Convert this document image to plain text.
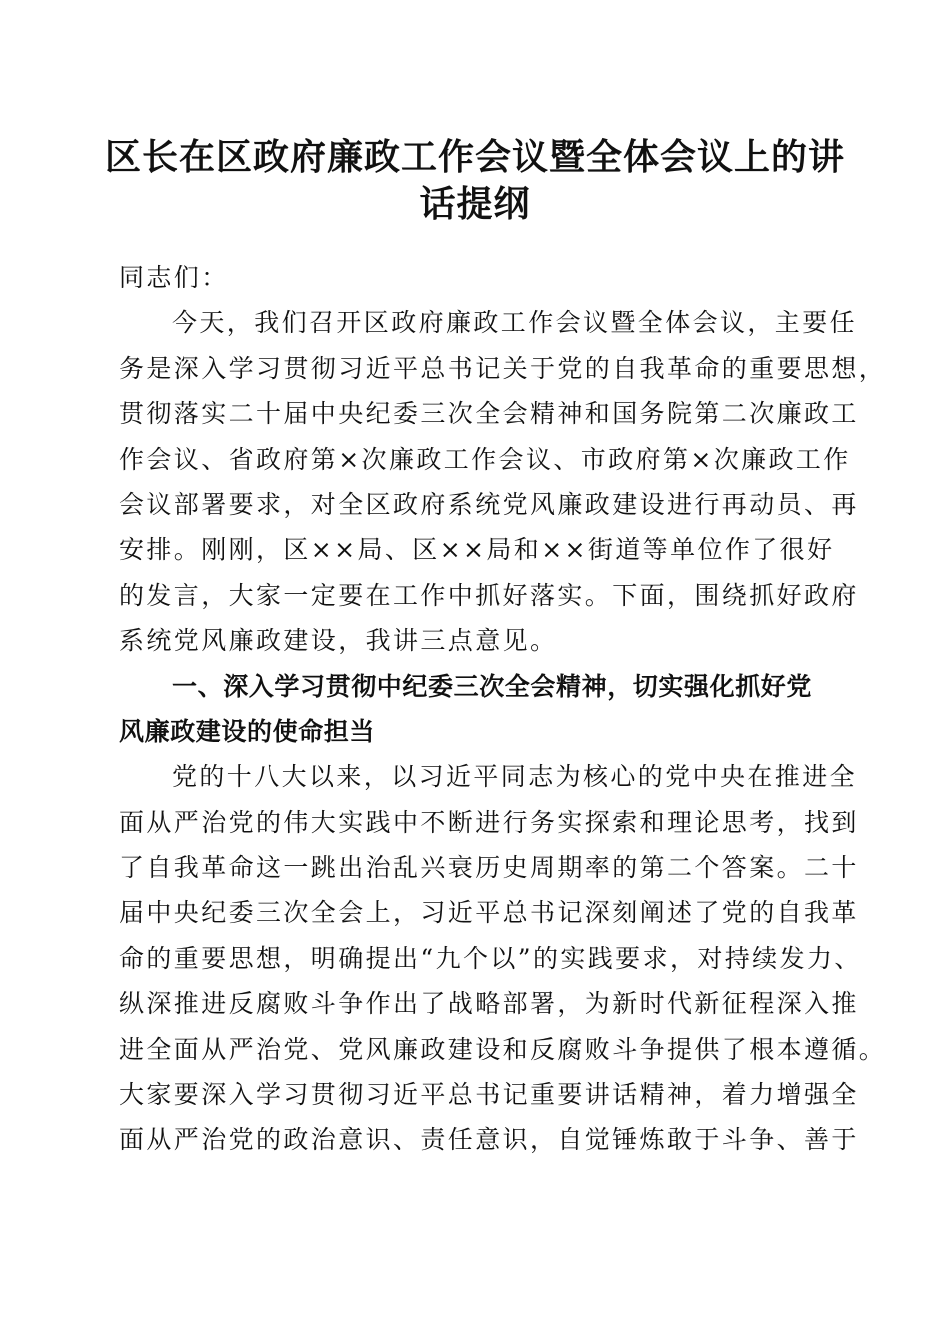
区长在区政府廉政工作会议暨全体会议上的讲
话提纲
同志们：
今天，我们召开区政府廉政工作会议暨全体会议，主要任
务是深入学习贯彻习近平总书记关于党的自我革命的重要思想，
贯彻落实二十届中央纪委三次全会精神和国务院第二次廉政工
作会议、省政府第×次廉政工作会议、市政府第×次廉政工作
会议部署要求，对全区政府系统党风廉政建设进行再动员、再
安排。刚刚，区××局、区××局和××街道等单位作了很好
的发言，大家一定要在工作中抓好落实。下面，围绕抓好政府
系统党风廉政建设，我讲三点意见。
一、深入学习贯彻中纪委三次全会精神，切实强化抓好党
风廉政建设的使命担当
党的十八大以来，以习近平同志为核心的党中央在推进全
面从严治党的伟大实践中不断进行务实探索和理论思考，找到
了自我革命这一跳出治乱兴衰历史周期率的第二个答案。二十
届中央纪委三次全会上，习近平总书记深刻阐述了党的自我革
命的重要思想，明确提出“九个以”的实践要求，对持续发力、
纵深推进反腐败斗争作出了战略部署，为新时代新征程深入推
进全面从严治党、党风廉政建设和反腐败斗争提供了根本遵循。
大家要深入学习贯彻习近平总书记重要讲话精神，着力增强全
面从严治党的政治意识、责任意识，自觉锤炼敢于斗争、善于
